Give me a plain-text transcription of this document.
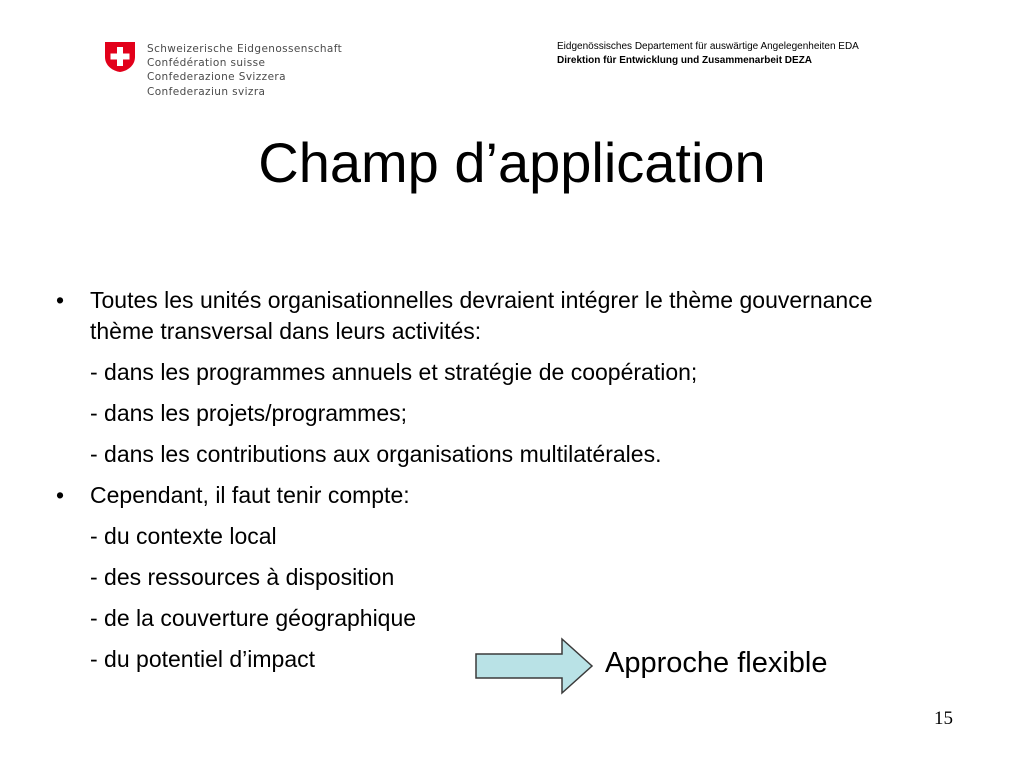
Schweizerische Eidgenossenschaft
Confédération suisse
Confederazione Svizzera
Confederaziun svizra
Eidgenössisches Departement für auswärtige Angelegenheiten EDA
Direktion für Entwicklung und Zusammenarbeit DEZA
Champ d’application
• Toutes les unités organisationnelles devraient intégrer le thème gouvernance thème transversal dans leurs activités:
- dans les programmes annuels et stratégie de coopération;
- dans les projets/programmes;
- dans les contributions aux organisations multilatérales.
• Cependant, il faut tenir compte:
- du contexte local
- des ressources à disposition
- de la couverture géographique
- du potentiel d’impact	Approche flexible
15
